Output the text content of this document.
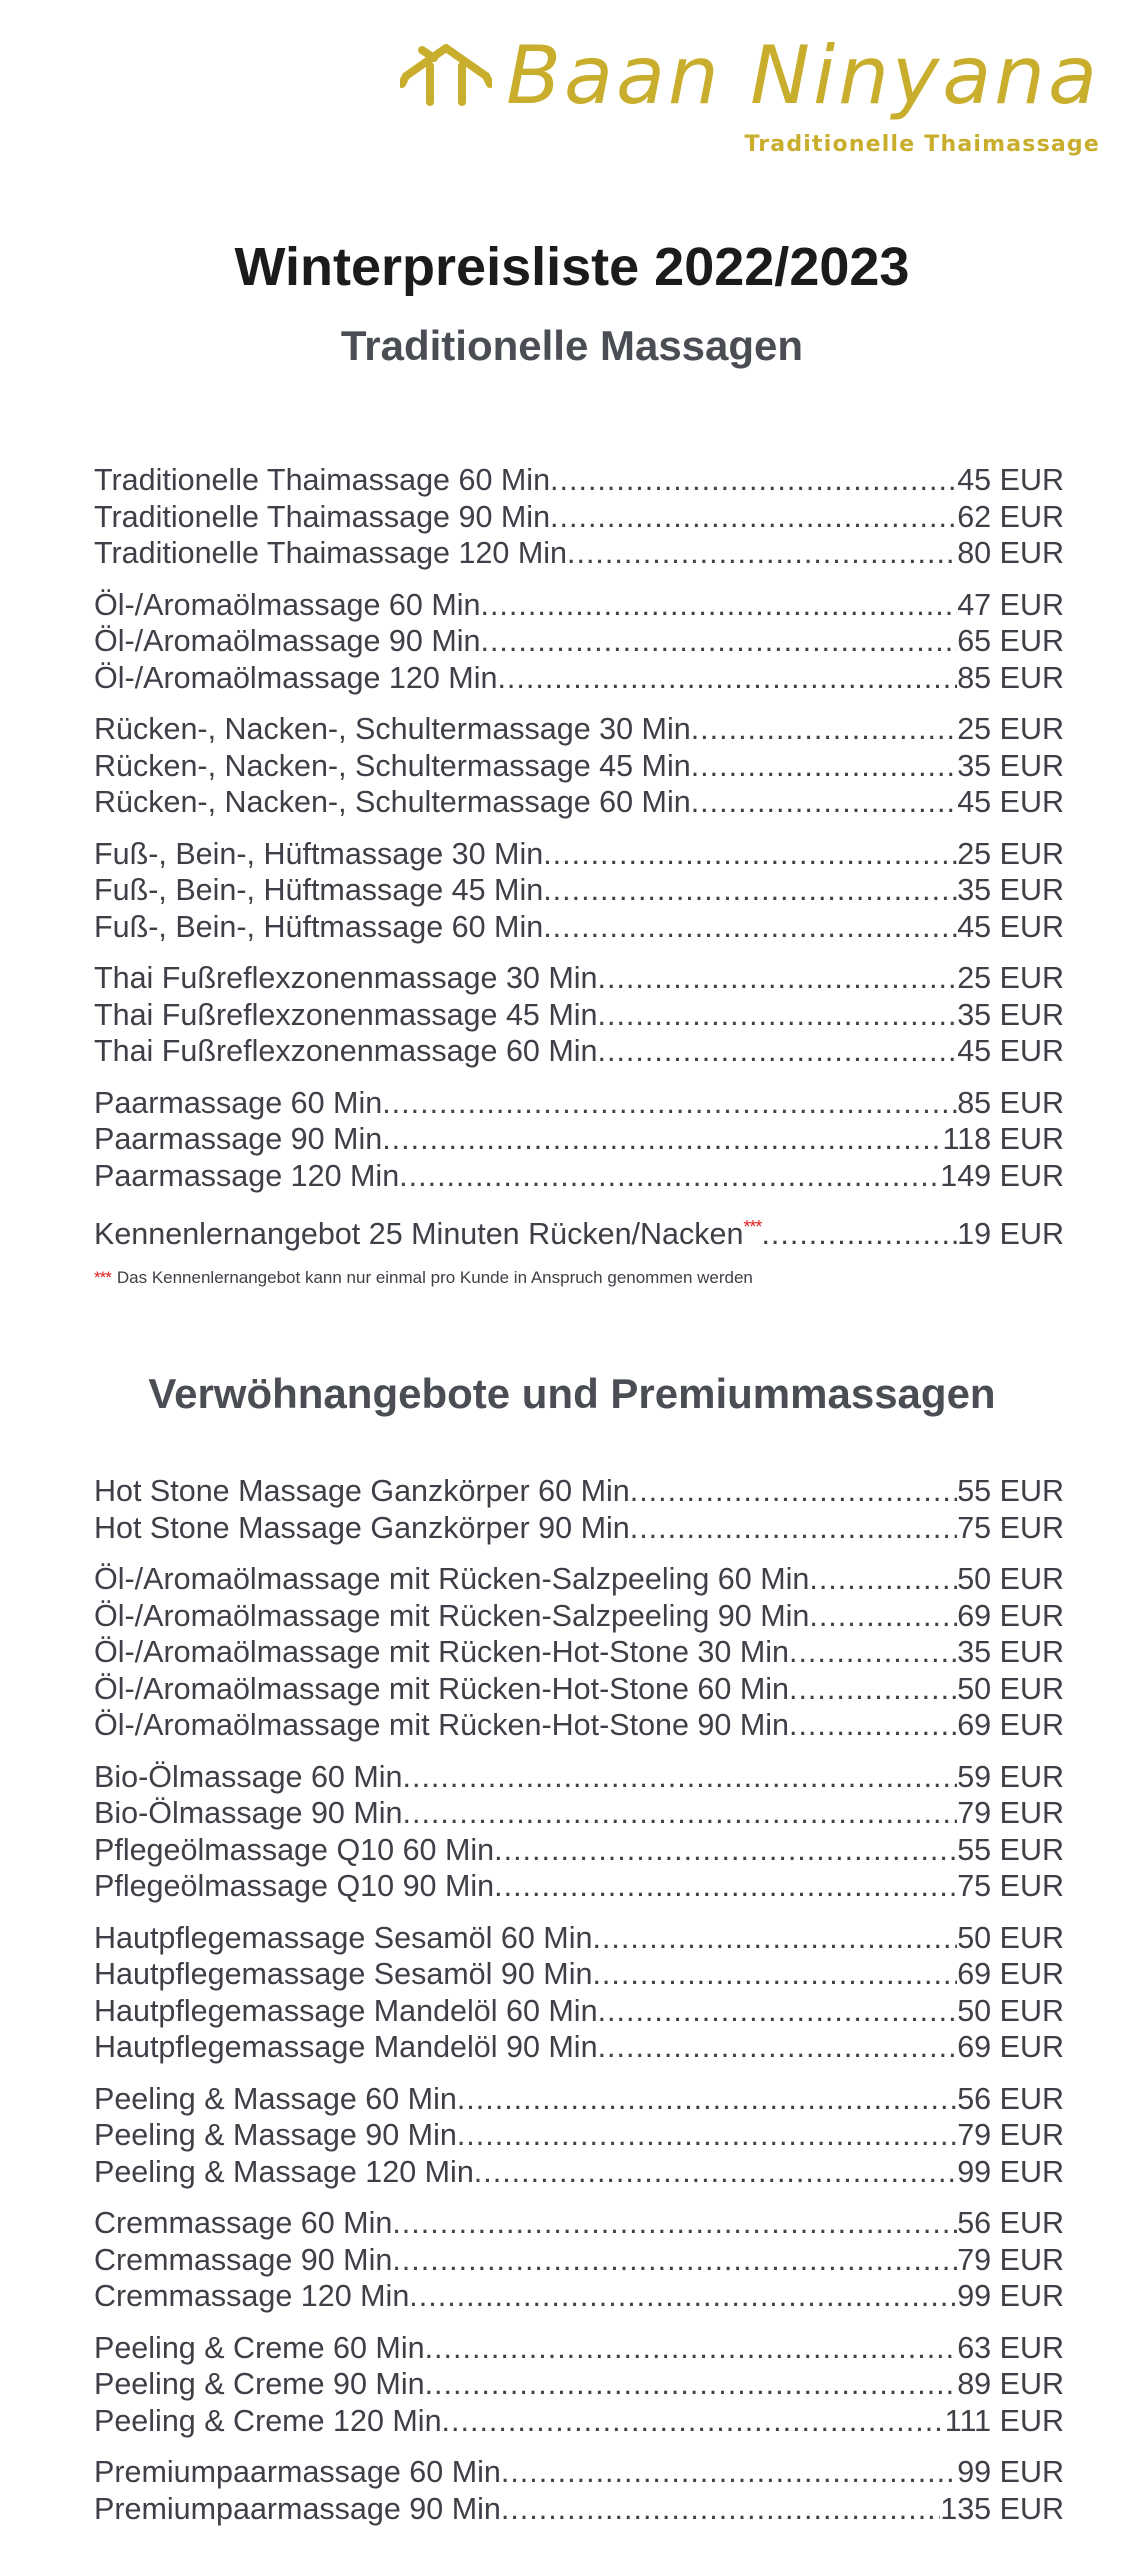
Baan Ninyana
Traditionelle Thaimassage
Winterpreisliste 2022/2023
Traditionelle Massagen
Traditionelle Thaimassage 60 Min .....	45 EUR
Traditionelle Thaimassage 90 Min .....	62 EUR
Traditionelle Thaimassage 120 Min .....	80 EUR
Öl-/Aromaölmassage 60 Min .....	47 EUR
Öl-/Aromaölmassage 90 Min .....	65 EUR
Öl-/Aromaölmassage 120 Min .....	85 EUR
Rücken-, Nacken-, Schultermassage 30 Min .....	25 EUR
Rücken-, Nacken-, Schultermassage 45 Min .....	35 EUR
Rücken-, Nacken-, Schultermassage 60 Min .....	45 EUR
Fuß-, Bein-, Hüftmassage 30 Min .....	25 EUR
Fuß-, Bein-, Hüftmassage 45 Min .....	35 EUR
Fuß-, Bein-, Hüftmassage 60 Min .....	45 EUR
Thai Fußreflexzonenmassage 30 Min .....	25 EUR
Thai Fußreflexzonenmassage 45 Min .....	35 EUR
Thai Fußreflexzonenmassage 60 Min .....	45 EUR
Paarmassage 60 Min .....	85 EUR
Paarmassage 90 Min .....	118 EUR
Paarmassage 120 Min .....	149 EUR
Kennenlernangebot 25 Minuten Rücken/Nacken*** .....	19 EUR
*** Das Kennenlernangebot kann nur einmal pro Kunde in Anspruch genommen werden
Verwöhnangebote und Premiummassagen
Hot Stone Massage Ganzkörper 60 Min .....	55 EUR
Hot Stone Massage Ganzkörper 90 Min .....	75 EUR
Öl-/Aromaölmassage mit Rücken-Salzpeeling 60 Min .....	50 EUR
Öl-/Aromaölmassage mit Rücken-Salzpeeling 90 Min .....	69 EUR
Öl-/Aromaölmassage mit Rücken-Hot-Stone 30 Min .....	35 EUR
Öl-/Aromaölmassage mit Rücken-Hot-Stone 60 Min .....	50 EUR
Öl-/Aromaölmassage mit Rücken-Hot-Stone 90 Min .....	69 EUR
Bio-Ölmassage 60 Min .....	59 EUR
Bio-Ölmassage 90 Min .....	79 EUR
Pflegeölmassage Q10 60 Min .....	55 EUR
Pflegeölmassage Q10 90 Min .....	75 EUR
Hautpflegemassage Sesamöl 60 Min .....	50 EUR
Hautpflegemassage Sesamöl 90 Min .....	69 EUR
Hautpflegemassage Mandelöl 60 Min .....	50 EUR
Hautpflegemassage Mandelöl 90 Min .....	69 EUR
Peeling & Massage 60 Min .....	56 EUR
Peeling & Massage 90 Min .....	79 EUR
Peeling & Massage 120 Min .....	99 EUR
Cremmassage 60 Min .....	56 EUR
Cremmassage 90 Min .....	79 EUR
Cremmassage 120 Min .....	99 EUR
Peeling & Creme 60 Min .....	63 EUR
Peeling & Creme 90 Min .....	89 EUR
Peeling & Creme 120 Min .....	111 EUR
Premiumpaarmassage 60 Min .....	99 EUR
Premiumpaarmassage 90 Min .....	135 EUR
